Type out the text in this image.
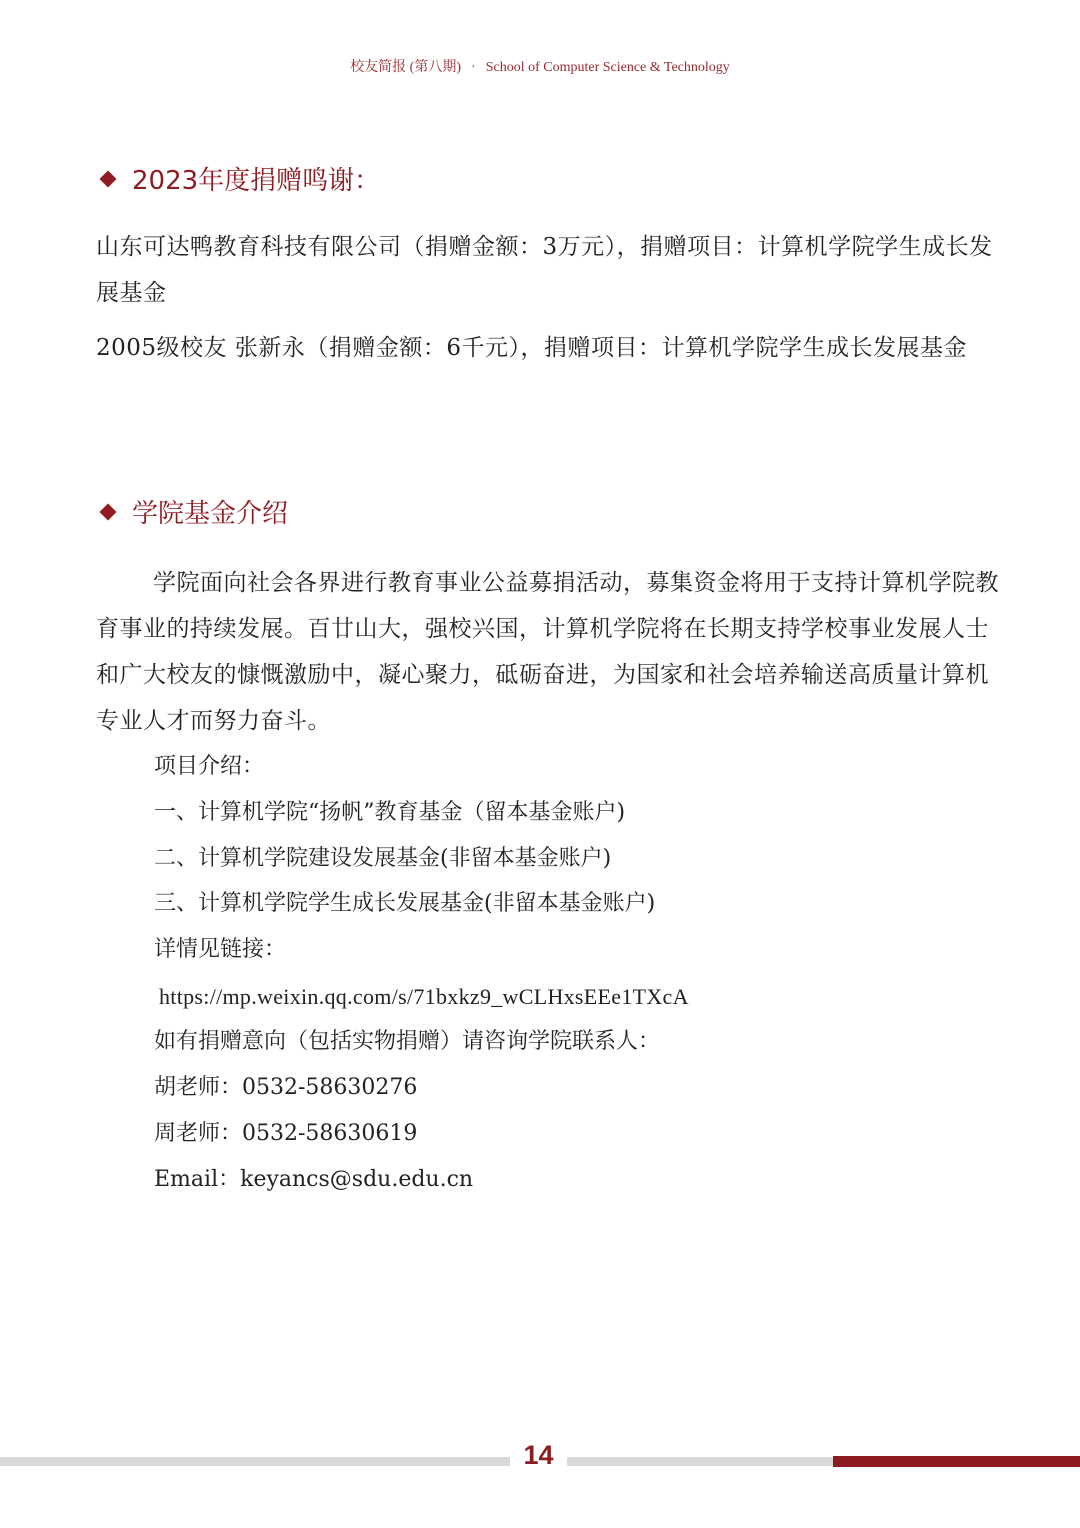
校友简报 (第八期) · School of Computer Science & Technology
2023年度捐赠鸣谢：
山东可达鸭教育科技有限公司（捐赠金额：3万元），捐赠项目：计算机学院学生成长发展基金
2005级校友 张新永（捐赠金额：6千元），捐赠项目：计算机学院学生成长发展基金
学院基金介绍
学院面向社会各界进行教育事业公益募捐活动，募集资金将用于支持计算机学院教育事业的持续发展。百廿山大，强校兴国，计算机学院将在长期支持学校事业发展人士和广大校友的慷慨激励中，凝心聚力，砥砺奋进，为国家和社会培养输送高质量计算机专业人才而努力奋斗。
项目介绍：
一、计算机学院“扬帆”教育基金（留本基金账户)
二、计算机学院建设发展基金(非留本基金账户)
三、计算机学院学生成长发展基金(非留本基金账户)
详情见链接：
https://mp.weixin.qq.com/s/71bxkz9_wCLHxsEEe1TXcA
如有捐赠意向（包括实物捐赠）请咨询学院联系人：
胡老师：0532-58630276
周老师：0532-58630619
Email：keyancs@sdu.edu.cn
14
